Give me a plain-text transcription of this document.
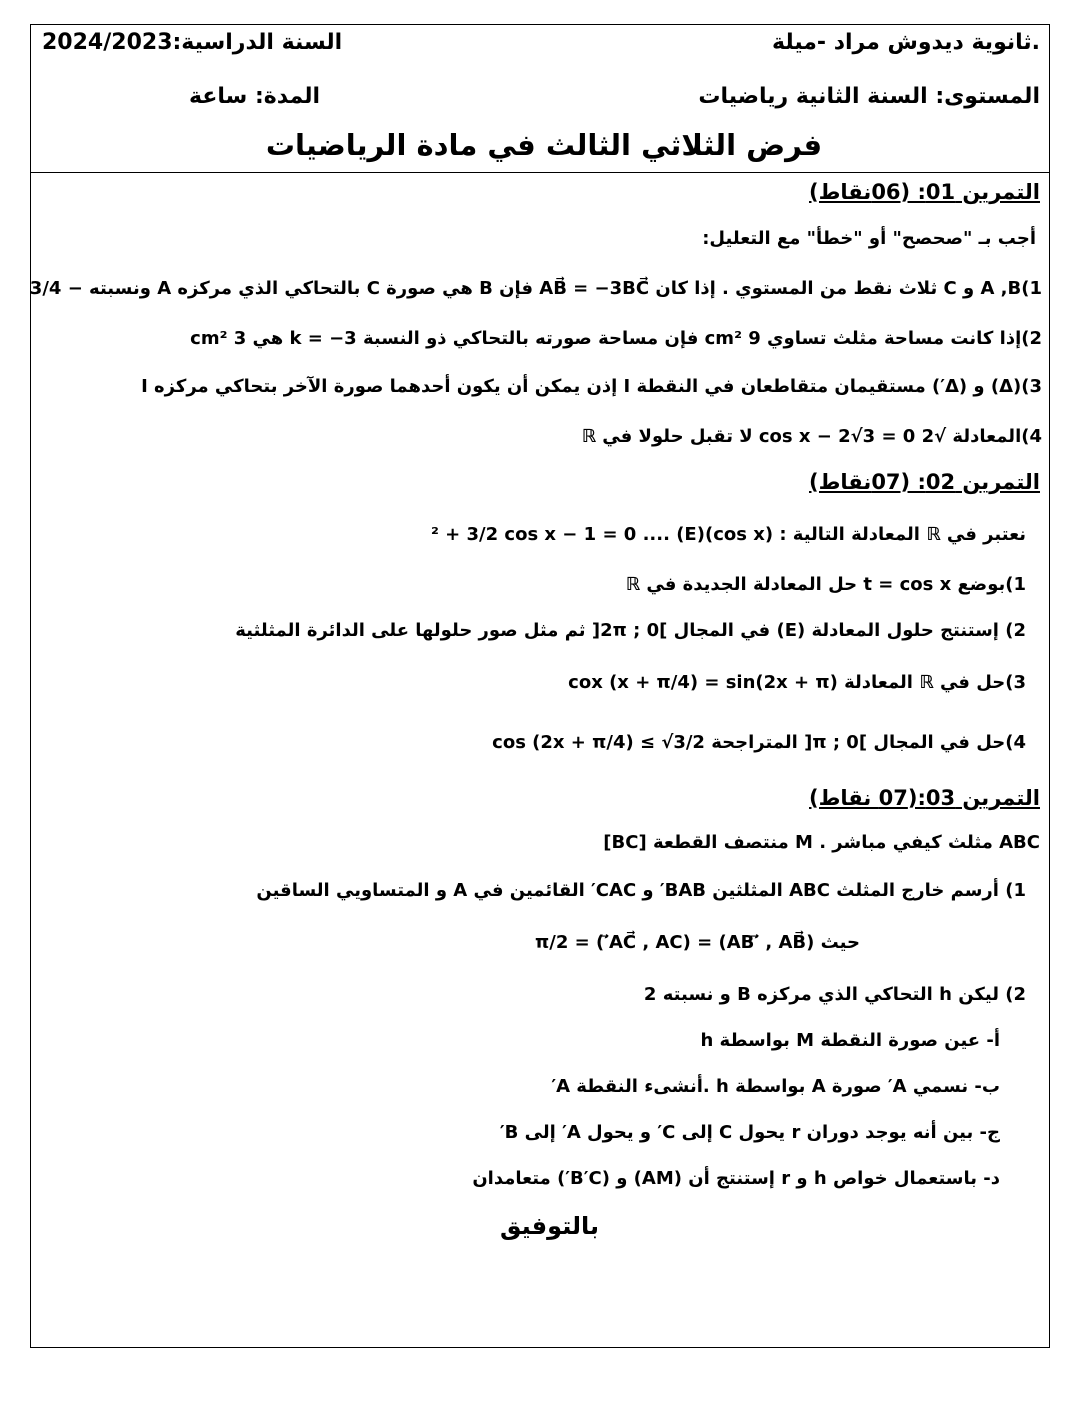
ثانوية ديدوش مراد -ميلة.
السنة الدراسية:2024/2023
المستوى: السنة الثانية رياضيات
المدة: ساعة
فرض الثلاثي الثالث في مادة الرياضيات
التمرين 01: (06نقاط)
أجب بـ "صحصح" أو "خطأ" مع التعليل:
1)A ,B و C ثلاث نقط من المستوي . إذا كان AB⃗ = −3BC⃗ فإن B هي صورة C بالتحاكي الذي مركزه A ونسبته − 3/4
2)إذا كانت مساحة مثلث تساوي 9 cm² فإن مساحة صورته بالتحاكي ذو النسبة k = −3 هي 3 cm²
3)(Δ) و (Δ′) مستقيمان متقاطعان في النقطة I إذن يمكن أن يكون أحدهما صورة الآخر بتحاكي مركزه I
4)المعادلة √2 cos x − 2√3 = 0 لا تقبل حلولا في ℝ
التمرين 02: (07نقاط)
نعتبر في ℝ المعادلة التالية : (cos x)² + 3/2 cos x − 1 = 0 .... (E)
1)بوضع t = cos x حل المعادلة الجديدة في ℝ
2) إستنتج حلول المعادلة (E) في المجال ]0 ; 2π[ ثم مثل صور حلولها على الدائرة المثلثية
3)حل في ℝ المعادلة cox (x + π/4) = sin(2x + π)
4)حل في المجال ]0 ; π[ المتراجحة cos (2x + π/4) ≤ √3/2
التمرين 03:(07 نقاط)
ABC مثلث كيفي مباشر . M منتصف القطعة [BC]
1) أرسم خارج المثلث ABC المثلثين BAB′ و CAC′ القائمين في A و المتساويي الساقين
حيث (AB′⃗ , AB⃗) = (AC⃗ , AC′⃗) = π/2
2) ليكن h التحاكي الذي مركزه B و نسبته 2
أ- عين صورة النقطة M بواسطة h
ب- نسمي A′ صورة A بواسطة h .أنشىء النقطة A′
ج- بين أنه يوجد دوران r يحول C إلى C′ و يحول A′ إلى B′
د- باستعمال خواص h و r إستنتج أن (AM) و (B′C′) متعامدان
بالتوفيق
